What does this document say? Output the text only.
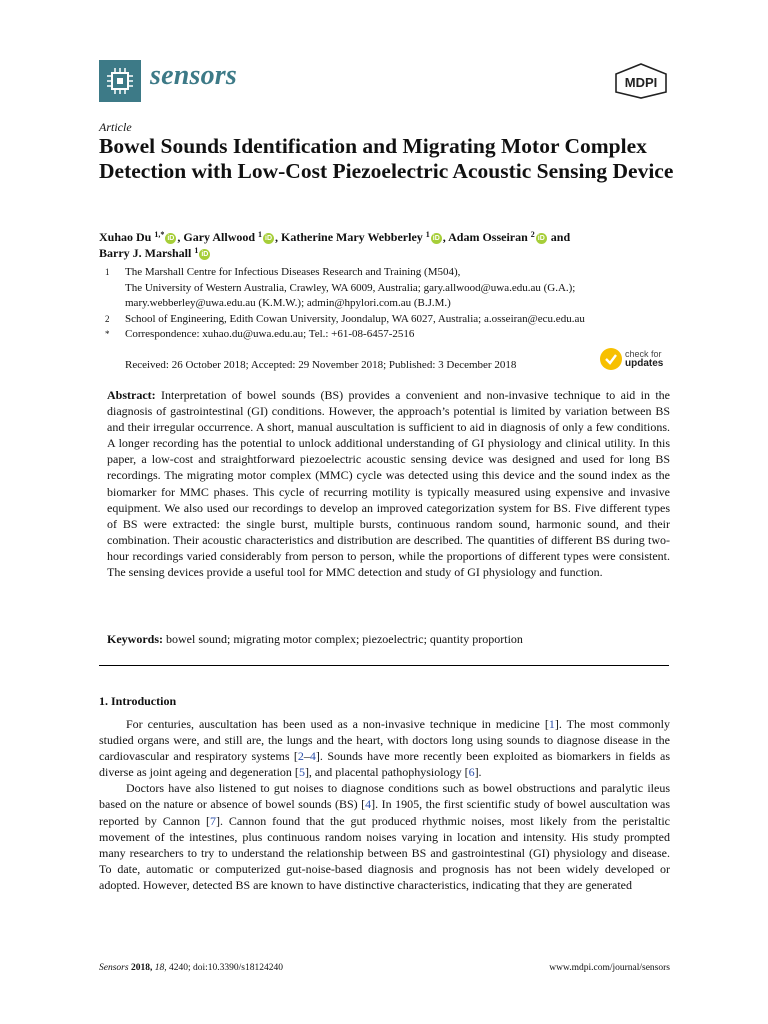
sensors	MDPI
Article
Bowel Sounds Identification and Migrating Motor Complex Detection with Low-Cost Piezoelectric Acoustic Sensing Device
Xuhao Du $^{1,*}$ iD , Gary Allwood $^1$ iD , Katherine Mary Webberley $^1$ iD , Adam Osseiran $^2$ iD and
Barry J. Marshall $^1$ iD
1	The Marshall Centre for Infectious Diseases Research and Training (M504),
The University of Western Australia, Crawley, WA 6009, Australia; gary.allwood@uwa.edu.au (G.A.);
mary.webberley@uwa.edu.au (K.M.W.); admin@hpylori.com.au (B.J.M.)
2	School of Engineering, Edith Cowan University, Joondalup, WA 6027, Australia; a.osseiran@ecu.edu.au
*	Correspondence: xuhao.du@uwa.edu.au; Tel.: +61-08-6457-2516
Received: 26 October 2018; Accepted: 29 November 2018; Published: 3 December 2018
check for
updates
Abstract: Interpretation of bowel sounds (BS) provides a convenient and non-invasive technique to aid in the diagnosis of gastrointestinal (GI) conditions. However, the approach’s potential is limited by variation between BS and their irregular occurrence. A short, manual auscultation is sufficient to aid in diagnosis of only a few conditions. A longer recording has the potential to unlock additional understanding of GI physiology and clinical utility. In this paper, a low-cost and straightforward piezoelectric acoustic sensing device was designed and used for long BS recordings. The migrating motor complex (MMC) cycle was detected using this device and the sound index as the biomarker for MMC phases. This cycle of recurring motility is typically measured using expensive and invasive equipment. We also used our recordings to develop an improved categorization system for BS. Five different types of BS were extracted: the single burst, multiple bursts, continuous random sound, harmonic sound, and their combination. Their acoustic characteristics and distribution are described. The quantities of different BS during two-hour recordings varied considerably from person to person, while the proportions of different types were consistent. The sensing devices provide a useful tool for MMC detection and study of GI physiology and function.
Keywords: bowel sound; migrating motor complex; piezoelectric; quantity proportion
1. Introduction

For centuries, auscultation has been used as a non-invasive technique in medicine [1]. The most commonly studied organs were, and still are, the lungs and the heart, with doctors long using sounds to diagnose disease in the cardiovascular and respiratory systems [2–4]. Sounds have more recently been exploited as biomarkers in fields as diverse as joint ageing and degeneration [5], and placental pathophysiology [6].

Doctors have also listened to gut noises to diagnose conditions such as bowel obstructions and paralytic ileus based on the nature or absence of bowel sounds (BS) [4]. In 1905, the first scientific study of bowel auscultation was reported by Cannon [7]. Cannon found that the gut produced rhythmic noises, most likely from the peristaltic movement of the intestines, plus continuous random noises varying in location and intensity. His study prompted many researchers to try to understand the relationship between BS and gastrointestinal (GI) physiology and disease. To date, automatic or computerized gut-noise-based diagnosis and prognosis has not been widely developed or adopted. However, detected BS are known to have distinctive characteristics, indicating that they are generated

Sensors 2018, 18, 4240; doi:10.3390/s18124240	www.mdpi.com/journal/sensors
